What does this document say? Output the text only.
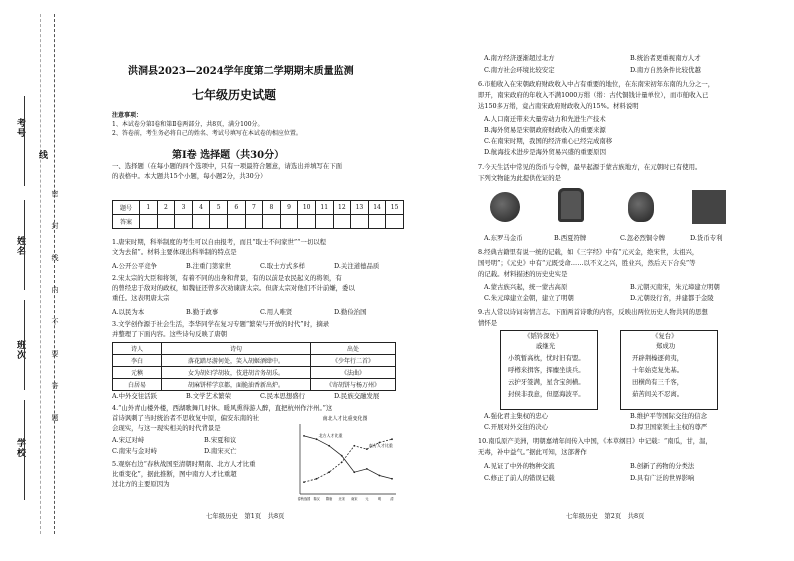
考号
姓名
班次
学校
线
密
封
线
内
不
要
答
题
洪洞县2023—2024学年度第二学期期末质量监测
七年级历史试题
注意事项：
1、本试卷分第Ⅰ卷和第Ⅱ卷两部分，共8页，满分100分。
2、答卷前，考生务必将自己的姓名、考试号填写在本试卷的相应位置。
第Ⅰ卷 选择题（共30分）
一、选择题（在每小题的四个选项中，只有一项最符合题意，请选出并填写在下面
的表格中。本大题共15个小题，每小题2分，共30分）
题号	1	2	3	4	5	6	7	8	9	10	11	12	13	14	15
答案															
1.唐宋时期，科举制度的考生可以自由报考，而且“取士不问家世”“一切以程
文为去留”。材料主要体现出科举制的特点是
A.公开公平竞争	B.注重门第家世	C.取士方式多样	D.关注道德品质
2.宋太宗的大臣和将领，有着不同的出身和背景，有的以前是农民起义的将领，有
的曾经忠于敌对的政权，如魏征还曾多次劝谏唐太宗。但唐太宗对他们不计前嫌，委以
重任。这表明唐太宗
A.以民为本	B.勤于政事	C.用人唯贤	D.勤俭治国
3.文学创作源于社会生活，李华同学在复习专题“繁荣与开放的时代”时，摘录
并整理了下面内容。这些诗句反映了唐朝
诗人	诗句	出处
李白	落花踏尽游何处，笑入胡姬酒肆中。	《少年行二首》
元稹	女为胡妇学胡妆，伎进胡音务胡乐。	《法曲》
白居易	胡麻饼样学京都，面脆油香新出炉。	《寄胡饼与杨万州》
A.中外交往活跃	B.文学艺术繁荣	C.民本思想盛行	D.民族交融发展
4.“山外青山楼外楼，西湖歌舞几时休。暖风熏得游人醉，直把杭州作汴州。”这
首诗讽刺了当时统治者不思收复中原，偏安东南的社
会现实，与这一现实相关的时代背景是
A.宋辽对峙	B.宋夏和议
C.南宋与金对峙	D.南宋灭亡
5.观察右边“春秋战国至清朝时期南、北方人才比重
比重变化”，据此推断，图中南方人才比重超
过北方的主要原因为
南北人才比重变化图
北方人才比重
南方人才比重
春秋战国 秦汉 隋唐 北宋 南宋 元	明	清
七年级历史　第1页　共8页
A.南方经济逐渐超过北方	B.统治者更重视南方人才
C.南方社会环境比较安定	D.南方自然条件比较优越
6.市舶收入在宋朝政府财政收入中占有重要的地位，在东南宋初年东南的九分之一，
即开，南宋政府的年收入不满1000万缗（缗：古代铜钱计量单位），而市舶收入已
达150多万缗，竟占南宋政府财政收入的15%。材料说明
A.人口南迁带来大量劳动力和先进生产技术
B.海外贸易是宋朝政府财政收入的重要来源
C.在南宋时期，我国的经济重心已经完成南移
D.航海技术进步是海外贸易兴盛的重要原因
7.今天生活中常见的货币与令牌，最早起源于蒙古族地方，在元朝时已有使用。
下列文物能为此提供佐证的是
A.东罗马金币	B.西夏符牌	C.忽必烈铜令牌	D.货币专利
8.经典古籍里有说一统的记载，如《三字经》中有“元灭金，绝宋世，太祖兴，
国号明”；《元史》中有“元既受命……以不义之兴，胜业兴，然后天下合矣”等
的记载。材料描述的历史史实是
A.蒙古族兴起，统一蒙古高原	B.元朝灭南宋，朱元璋建立明朝
C.朱元璋建立金朝，建立了明朝	D.元朝设行省，并建都于金陵
9.古人常以诗词寄情言志。下面两首诗歌的内容，反映出两位历史人物共同的思想
情怀是
《韬铃深处》
戚继光
小筑暂高枕，忧时旧有盟。
呼樽来揖客，挥麈坐谈兵。
云护牙签满，星含宝剑横。
封侯非我意，但愿海波平。
《复台》
郑成功
开辟荆榛逐荷夷，
十年始克复先基。
田横尚有三千客，
茹苦间关不忍离。
A.强化君主集权的忠心	B.维护平等国际交往的信念
C.开展对外交往的决心	D.捍卫国家领土主权的尊严
10.南瓜原产美洲，明朝嘉靖年间传入中国，《本草纲目》中记载：“南瓜，甘，温，
无毒，补中益气。”据此可知，这部著作
A.见证了中外的物种交流	B.创新了药物的分类法
C.修正了前人的错误记载	D.具有广泛的世界影响
七年级历史　第2页　共8页
